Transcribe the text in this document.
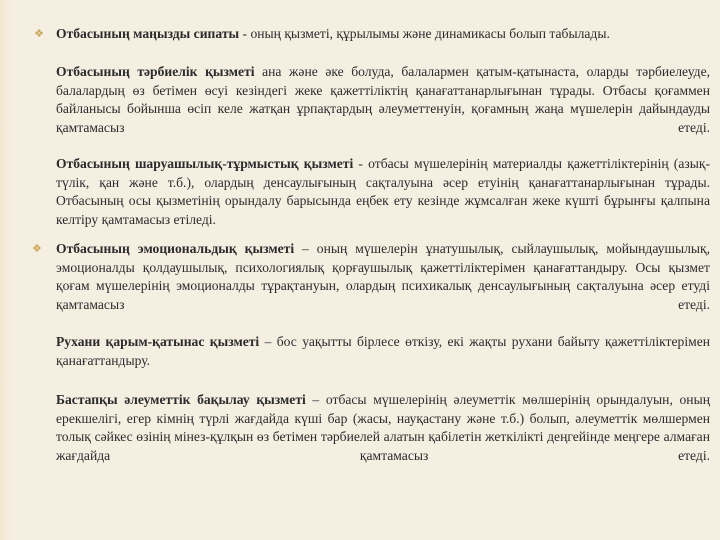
❖ Отбасының маңызды сипаты - оның қызметі, құрылымы және динамикасы болып табылады.

Отбасының тәрбиелік қызметі ана және әке болуда, балалармен қатым-қатынаста, оларды тәрбиелеуде, балалардың өз бетімен өсуі кезіндегі жеке қажеттіліктің қанағаттанарлығынан тұрады. Отбасы қоғаммен байланысы бойынша өсіп келе жатқан ұрпақтардың әлеуметтенуін, қоғамның жаңа мүшелерін дайындауды қамтамасыз етеді.

Отбасының шаруашылық-тұрмыстық қызметі - отбасы мүшелерінің материалды қажеттіліктерінің (азық-түлік, қан және т.б.), олардың денсаулығының сақталуына әсер етуінің қанағаттанарлығынан тұрады. Отбасының осы қызметінің орындалу барысында еңбек ету кезінде жұмсалған жеке күшті бұрынғы қалпына келтіру қамтамасыз етіледі.

❖	Отбасының эмоциональдық қызметі – оның мүшелерін ұнатушылық, сыйлаушылық, мойындаушылық, эмоционалды қолдаушылық, психологиялық қорғаушылық қажеттіліктерімен қанағаттандыру. Осы қызмет қоғам мүшелерінің эмоционалды тұрақтануын, олардың психикалық денсаулығының сақталуына әсер етуді қамтамасыз етеді.

Рухани қарым-қатынас қызметі – бос уақытты бірлесе өткізу, екі жақты рухани байыту қажеттіліктерімен қанағаттандыру.

Бастапқы әлеуметтік бақылау қызметі – отбасы мүшелерінің әлеуметтік мөлшерінің орындалуын, оның ерекшелігі, егер кімнің түрлі жағдайда күші бар (жасы, науқастану және т.б.) болып, әлеуметтік мөлшермен толық сәйкес өзінің мінез-құлқын өз бетімен тәрбиелей алатын қабілетін жеткілікті деңгейінде меңгере алмаған жағдайда қамтамасыз етеді.
